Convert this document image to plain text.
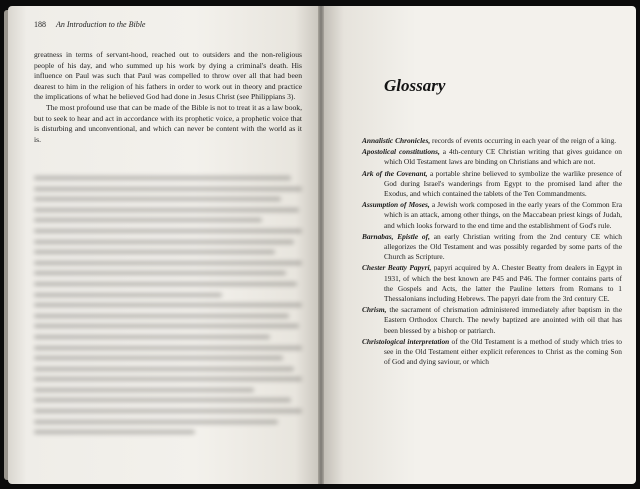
188 An Introduction to the Bible

greatness in terms of servant-hood, reached out to outsiders and the non-religious people of his day, and who summed up his work by dying a criminal's death. His influence on Paul was such that Paul was compelled to throw over all that had been dearest to him in the religion of his fathers in order to work out in theory and practice the implications of what he believed God had done in Jesus Christ (see Philippians 3).

The most profound use that can be made of the Bible is not to treat it as a law book, but to seek to hear and act in accordance with its prophetic voice, a prophetic voice that is disturbing and unconventional, and which can never be content with the world as it is.

Glossary
Annalistic Chronicles, records of events occurring in each year of the reign of a king.
Apostolical constitutions, a 4th-century CE Christian writing that gives guidance on which Old Testament laws are binding on Christians and which are not.
Ark of the Covenant, a portable shrine believed to symbolize the warlike presence of God during Israel's wanderings from Egypt to the promised land after the Exodus, and which contained the tablets of the Ten Commandments.
Assumption of Moses, a Jewish work composed in the early years of the Common Era which is an attack, among other things, on the Maccabean priest kings of Judah, and which looks forward to the end time and the establishment of God's rule.
Barnabas, Epistle of, an early Christian writing from the 2nd century CE which allegorizes the Old Testament and was possibly regarded by some parts of the Church as Scripture.
Chester Beatty Papyri, papyri acquired by A. Chester Beatty from dealers in Egypt in 1931, of which the best known are P45 and P46. The former contains parts of the Gospels and Acts, the latter the Pauline letters from Romans to 1 Thessalonians including Hebrews. The papyri date from the 3rd century CE.
Chrism, the sacrament of chrismation administered immediately after baptism in the Eastern Orthodox Church. The newly baptized are anointed with oil that has been blessed by a bishop or patriarch.
Christological interpretation of the Old Testament is a method of study which tries to see in the Old Testament either explicit references to Christ as the coming Son of God and dying saviour, or which
